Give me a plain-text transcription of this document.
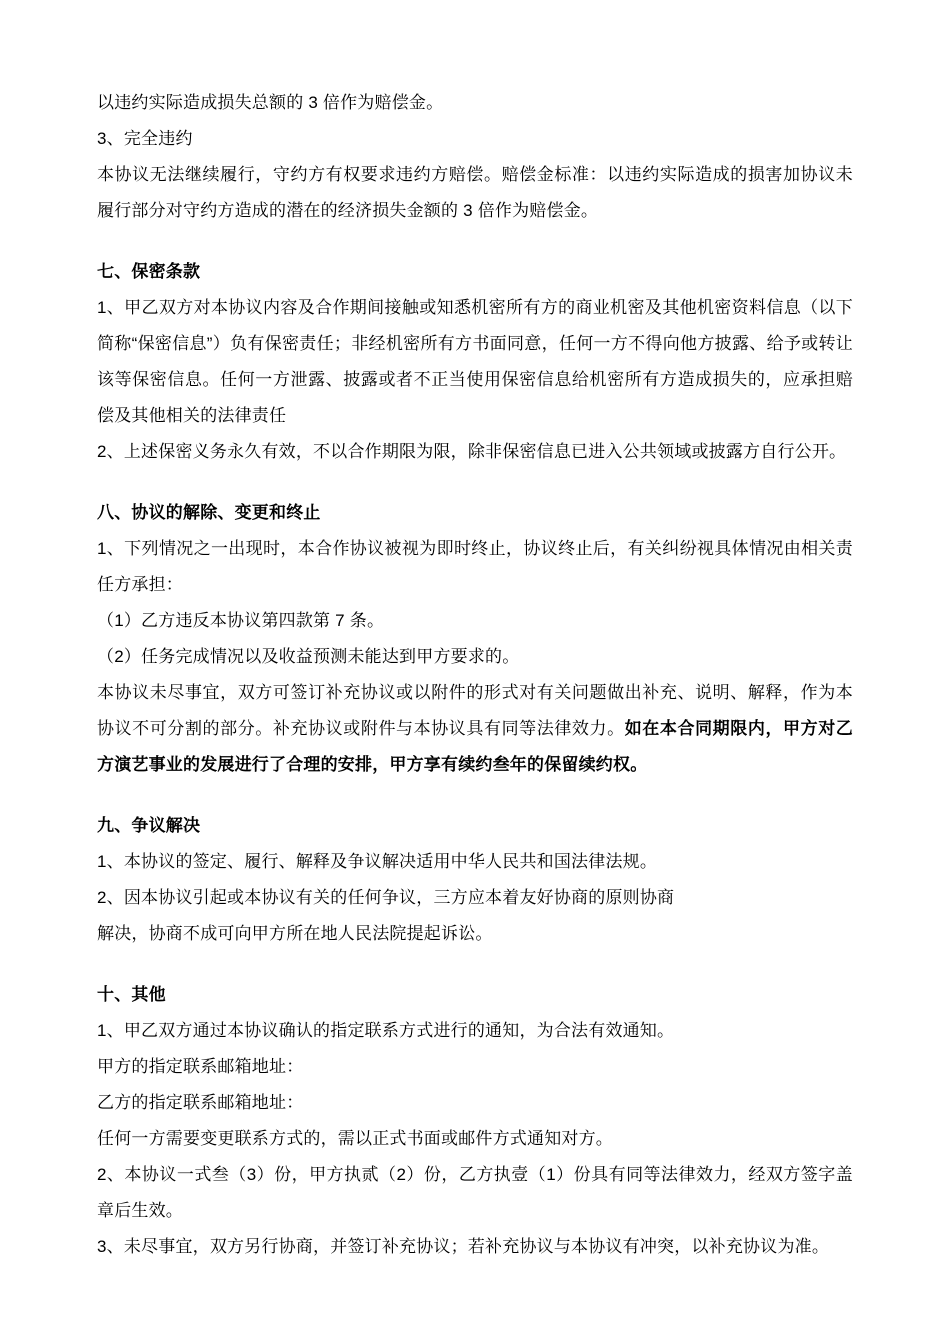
以违约实际造成损失总额的 3 倍作为赔偿金。

3、完全违约

本协议无法继续履行，守约方有权要求违约方赔偿。赔偿金标准：以违约实际造成的损害加协议未履行部分对守约方造成的潜在的经济损失金额的 3 倍作为赔偿金。

七、保密条款

1、甲乙双方对本协议内容及合作期间接触或知悉机密所有方的商业机密及其他机密资料信息（以下简称“保密信息”）负有保密责任；非经机密所有方书面同意，任何一方不得向他方披露、给予或转让该等保密信息。任何一方泄露、披露或者不正当使用保密信息给机密所有方造成损失的，应承担赔偿及其他相关的法律责任

2、上述保密义务永久有效，不以合作期限为限，除非保密信息已进入公共领域或披露方自行公开。

八、协议的解除、变更和终止

1、下列情况之一出现时，本合作协议被视为即时终止，协议终止后，有关纠纷视具体情况由相关责任方承担：

（1）乙方违反本协议第四款第 7 条。

（2）任务完成情况以及收益预测未能达到甲方要求的。

本协议未尽事宜，双方可签订补充协议或以附件的形式对有关问题做出补充、说明、解释，作为本协议不可分割的部分。补充协议或附件与本协议具有同等法律效力。如在本合同期限内，甲方对乙方演艺事业的发展进行了合理的安排，甲方享有续约叁年的保留续约权。

九、争议解决

1、本协议的签定、履行、解释及争议解决适用中华人民共和国法律法规。

2、因本协议引起或本协议有关的任何争议，三方应本着友好协商的原则协商

解决，协商不成可向甲方所在地人民法院提起诉讼。

十、其他

1、甲乙双方通过本协议确认的指定联系方式进行的通知，为合法有效通知。

甲方的指定联系邮箱地址：

乙方的指定联系邮箱地址：

任何一方需要变更联系方式的，需以正式书面或邮件方式通知对方。

2、本协议一式叁（3）份，甲方执贰（2）份，乙方执壹（1）份具有同等法律效力，经双方签字盖章后生效。

3、未尽事宜，双方另行协商，并签订补充协议；若补充协议与本协议有冲突，以补充协议为准。
